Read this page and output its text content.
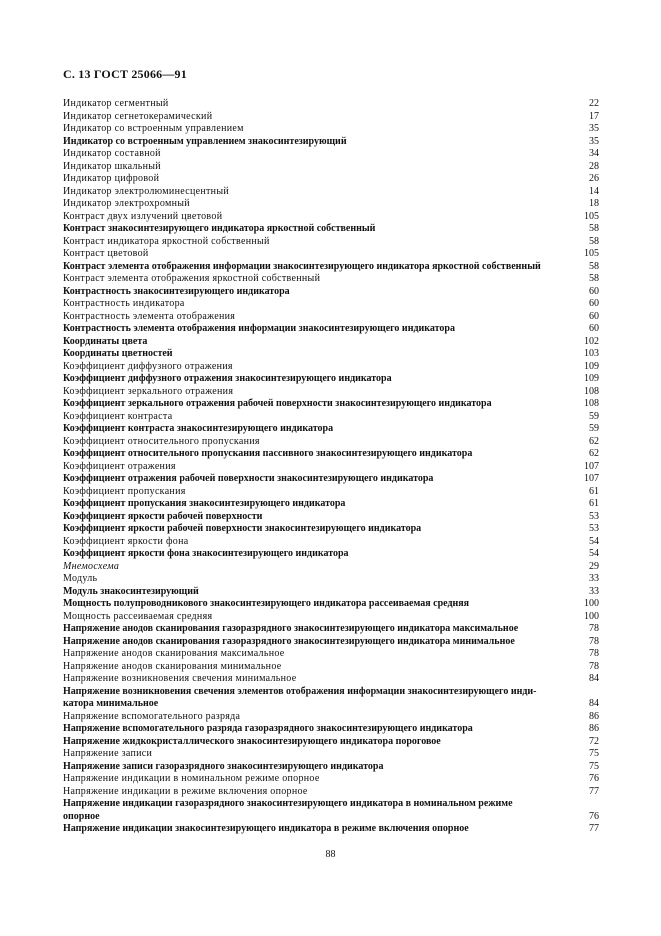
С. 13 ГОСТ 25066—91
Индикатор сегментный	22
Индикатор сегнетокерамический	17
Индикатор со встроенным управлением	35
Индикатор со встроенным управлением знакосинтезирующий	35
Индикатор составной	34
Индикатор шкальный	28
Индикатор цифровой	26
Индикатор электролюминесцентный	14
Индикатор электрохромный	18
Контраст двух излучений цветовой	105
Контраст знакосинтезирующего индикатора яркостной собственный	58
Контраст индикатора яркостной собственный	58
Контраст цветовой	105
Контраст элемента отображения информации знакосинтезирующего индикатора яркостной собственный	58
Контраст элемента отображения яркостной собственный	58
Контрастность знакосинтезирующего индикатора	60
Контрастность индикатора	60
Контрастность элемента отображения	60
Контрастность элемента отображения информации знакосинтезирующего индикатора	60
Координаты цвета	102
Координаты цветностей	103
Коэффициент диффузного отражения	109
Коэффициент диффузного отражения знакосинтезирующего индикатора	109
Коэффициент зеркального отражения	108
Коэффициент зеркального отражения рабочей поверхности знакосинтезирующего индикатора	108
Коэффициент контраста	59
Коэффициент контраста знакосинтезирующего индикатора	59
Коэффициент относительного пропускания	62
Коэффициент относительного пропускания пассивного знакосинтезирующего индикатора	62
Коэффициент отражения	107
Коэффициент отражения рабочей поверхности знакосинтезирующего индикатора	107
Коэффициент пропускания	61
Коэффициент пропускания знакосинтезирующего индикатора	61
Коэффициент яркости рабочей поверхности	53
Коэффициент яркости рабочей поверхности знакосинтезирующего индикатора	53
Коэффициент яркости фона	54
Коэффициент яркости фона знакосинтезирующего индикатора	54
Мнемосхема	29
Модуль	33
Модуль знакосинтезирующий	33
Мощность полупроводникового знакосинтезирующего индикатора рассеиваемая средняя	100
Мощность рассеиваемая средняя	100
Напряжение анодов сканирования газоразрядного знакосинтезирующего индикатора максимальное	78
Напряжение анодов сканирования газоразрядного знакосинтезирующего индикатора минимальное	78
Напряжение анодов сканирования максимальное	78
Напряжение анодов сканирования минимальное	78
Напряжение возникновения свечения минимальное	84
Напряжение возникновения свечения элементов отображения информации знакосинтезирующего инди-
катора минимальное	84
Напряжение вспомогательного разряда	86
Напряжение вспомогательного разряда газоразрядного знакосинтезирующего индикатора	86
Напряжение жидкокристаллического знакосинтезирующего индикатора пороговое	72
Напряжение записи	75
Напряжение записи газоразрядного знакосинтезирующего индикатора	75
Напряжение индикации в номинальном режиме опорное	76
Напряжение индикации в режиме включения опорное	77
Напряжение индикации газоразрядного знакосинтезирующего индикатора в номинальном режиме
опорное	76
Напряжение индикации знакосинтезирующего индикатора в режиме включения опорное	77
88
